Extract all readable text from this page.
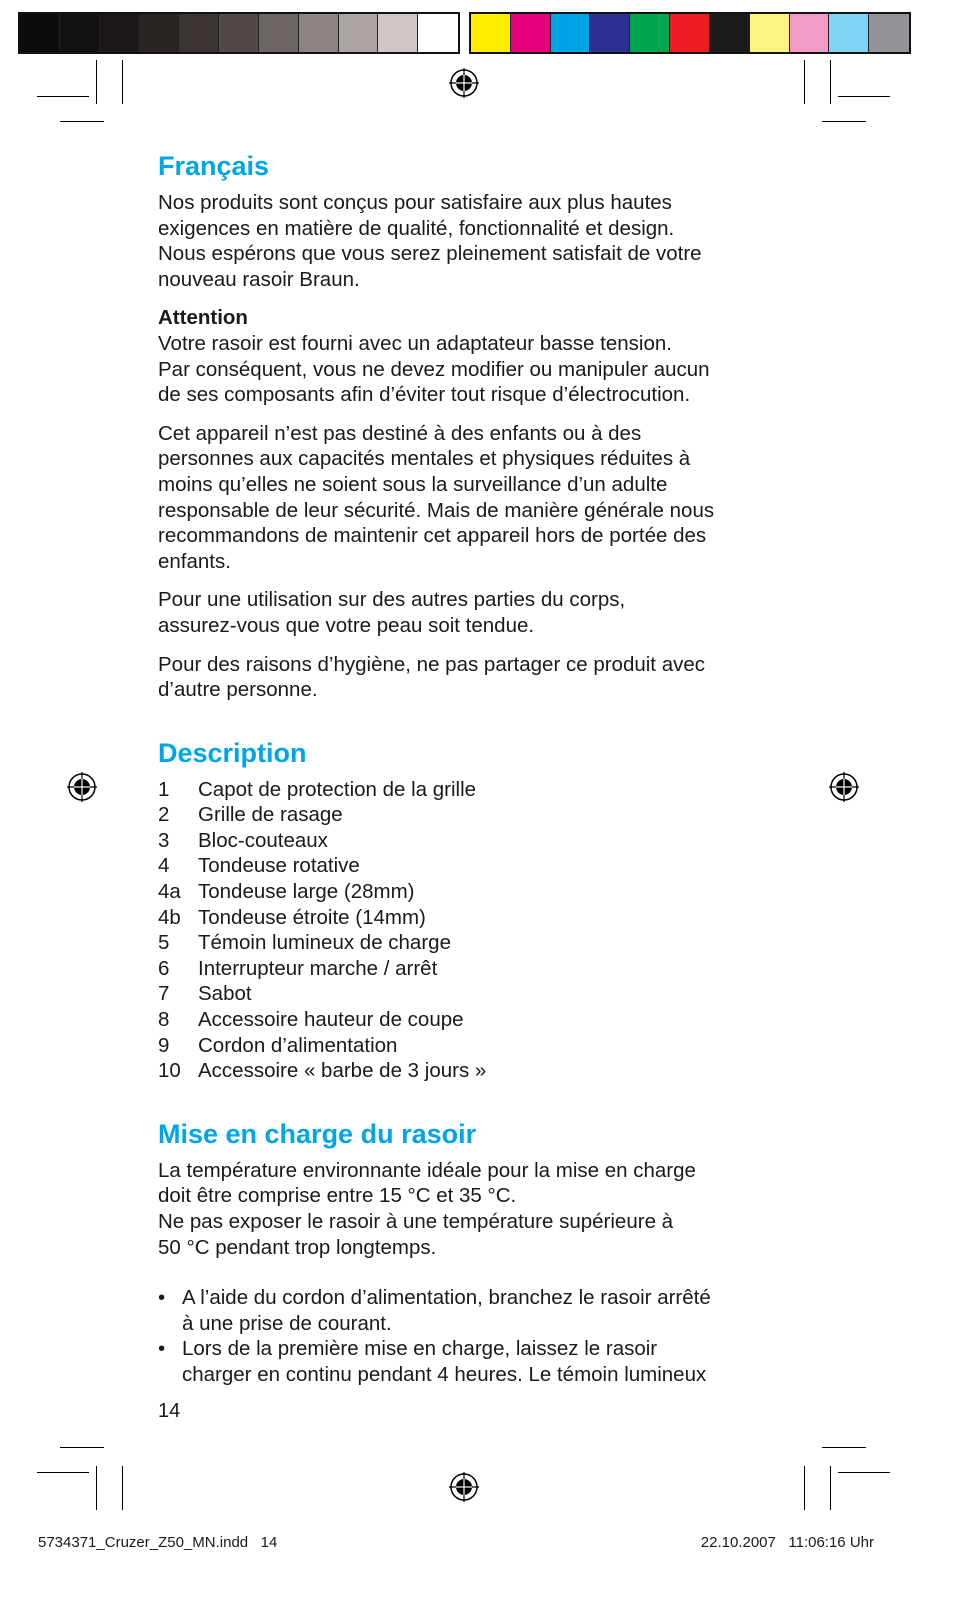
Français

Nos produits sont conçus pour satisfaire aux plus hautes
exigences en matière de qualité, fonctionnalité et design.
Nous espérons que vous serez pleinement satisfait de votre
nouveau rasoir Braun.

Attention
Votre rasoir est fourni avec un adaptateur basse tension.
Par conséquent, vous ne devez modifier ou manipuler aucun
de ses composants afin d’éviter tout risque d’électrocution.

Cet appareil n’est pas destiné à des enfants ou à des
personnes aux capacités mentales et physiques réduites à
moins qu’elles ne soient sous la surveillance d’un adulte
responsable de leur sécurité. Mais de manière générale nous
recommandons de maintenir cet appareil hors de portée des
enfants.

Pour une utilisation sur des autres parties du corps,
assurez-vous que votre peau soit tendue.

Pour des raisons d’hygiène, ne pas partager ce produit avec
d’autre personne.

Description
1	Capot de protection de la grille
2	Grille de rasage
3	Bloc-couteaux
4	Tondeuse rotative
4a Tondeuse large (28mm)
4b Tondeuse étroite (14mm)
5	Témoin lumineux de charge
6	Interrupteur marche / arrêt
7	Sabot
8	Accessoire hauteur de coupe
9	Cordon d’alimentation
10 Accessoire « barbe de 3 jours »
Mise en charge du rasoir

La température environnante idéale pour la mise en charge
doit être comprise entre 15 °C et 35 °C.
Ne pas exposer le rasoir à une température supérieure à
50 °C pendant trop longtemps.

• A l’aide du cordon d’alimentation, branchez le rasoir arrêté
à une prise de courant.
• Lors de la première mise en charge, laissez le rasoir
charger en continu pendant 4 heures. Le témoin lumineux
14
5734371_Cruzer_Z50_MN.indd   14	22.10.2007   11:06:16 Uhr
